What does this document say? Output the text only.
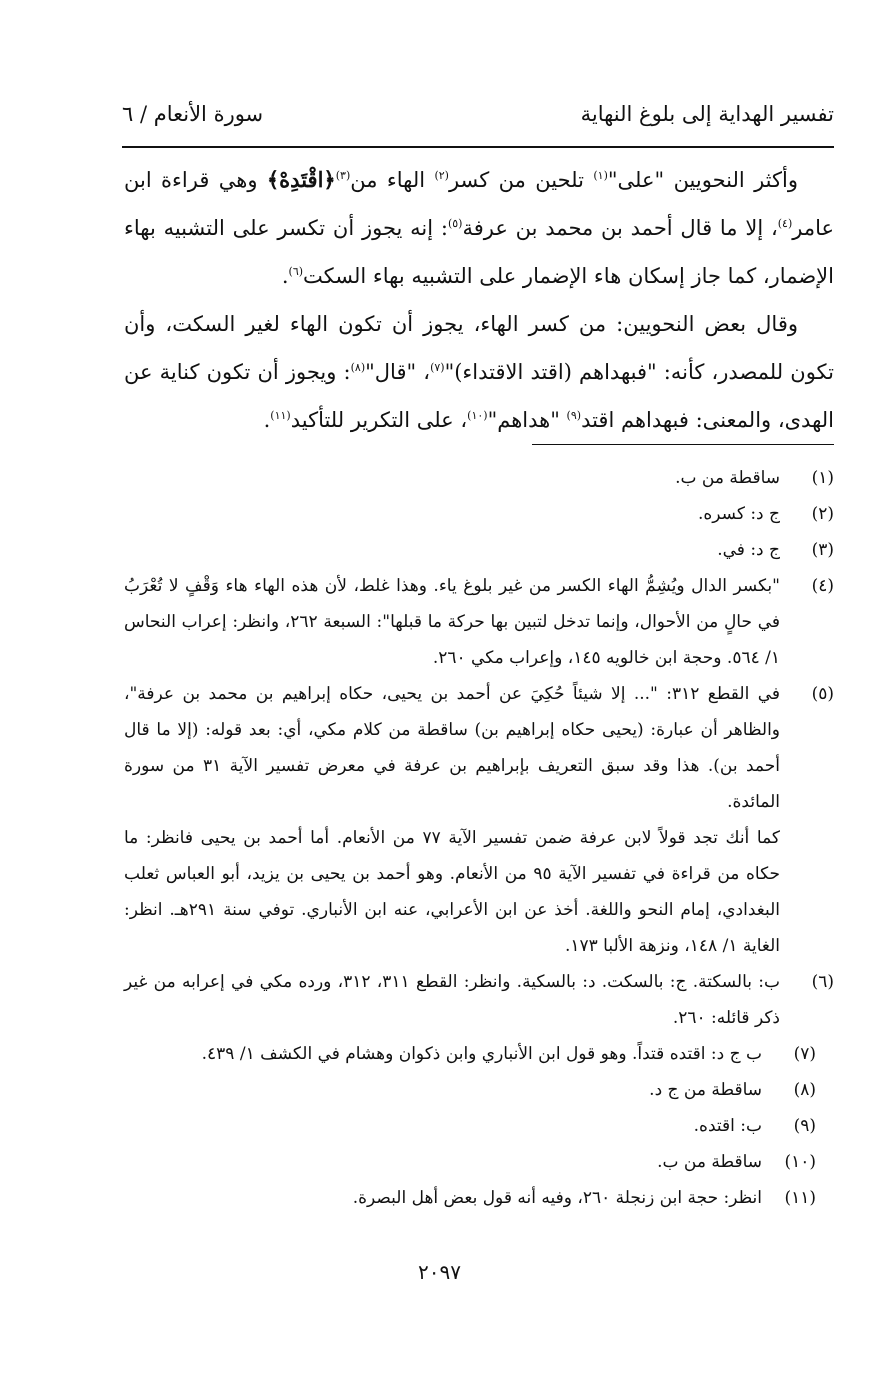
تفسير الهداية إلى بلوغ النهاية
سورة الأنعام / ٦

وأكثر النحويين "على"$^{(١)}$ تلحين من كسر$^{(٢)}$ الهاء من$^{(٣)}$﴿اقْتَدِهْ﴾ وهي قراءة ابن عامر$^{(٤)}$، إلا ما قال أحمد بن محمد بن عرفة$^{(٥)}$: إنه يجوز أن تكسر على التشبيه بهاء الإضمار، كما جاز إسكان هاء الإضمار على التشبيه بهاء السكت$^{(٦)}$.

وقال بعض النحويين: من كسر الهاء، يجوز أن تكون الهاء لغير السكت، وأن تكون للمصدر، كأنه: "فبهداهم (اقتد الاقتداء)"$^{(٧)}$، "قال"$^{(٨)}$: ويجوز أن تكون كناية عن الهدى، والمعنى: فبهداهم اقتد$^{(٩)}$ "هداهم"$^{(١٠)}$، على التكرير للتأكيد$^{(١١)}$.

(١)
ساقطة من ب.
(٢)
ج د: كسره.
(٣)
ج د: في.
(٤)
"بكسر الدال ويُشِمُّ الهاء الكسر من غير بلوغ ياء. وهذا غلط، لأن هذه الهاء هاء وَقْفٍ لا تُعْرَبُ في حالٍ من الأحوال، وإنما تدخل لتبين بها حركة ما قبلها": السبعة ٢٦٢، وانظر: إعراب النحاس ١/ ٥٦٤. وحجة ابن خالويه ١٤٥، وإعراب مكي ٢٦٠.
(٥)
في القطع ٣١٢: "... إلا شيئاً حُكِيَ عن أحمد بن يحيى، حكاه إبراهيم بن محمد بن عرفة"، والظاهر أن عبارة: (يحيى حكاه إبراهيم بن) ساقطة من كلام مكي، أي: بعد قوله: (إلا ما قال أحمد بن). هذا وقد سبق التعريف بإبراهيم بن عرفة في معرض تفسير الآية ٣١ من سورة المائدة.
كما أنك تجد قولاً لابن عرفة ضمن تفسير الآية ٧٧ من الأنعام. أما أحمد بن يحيى فانظر: ما حكاه من قراءة في تفسير الآية ٩٥ من الأنعام. وهو أحمد بن يحيى بن يزيد، أبو العباس ثعلب البغدادي، إمام النحو واللغة. أخذ عن ابن الأعرابي، عنه ابن الأنباري. توفي سنة ٢٩١هـ. انظر: الغاية ١/ ١٤٨، ونزهة الألبا ١٧٣.
(٦)
ب: بالسكتة. ج: بالسكت. د: بالسكية. وانظر: القطع ٣١١، ٣١٢، ورده مكي في إعرابه من غير ذكر قائله: ٢٦٠.
(٧)
ب ج د: اقتده قتداً. وهو قول ابن الأنباري وابن ذكوان وهشام في الكشف ١/ ٤٣٩.
(٨)
ساقطة من ج د.
(٩)
ب: اقتده.
(١٠)
ساقطة من ب.
(١١)
انظر: حجة ابن زنجلة ٢٦٠، وفيه أنه قول بعض أهل البصرة.
٢٠٩٧
